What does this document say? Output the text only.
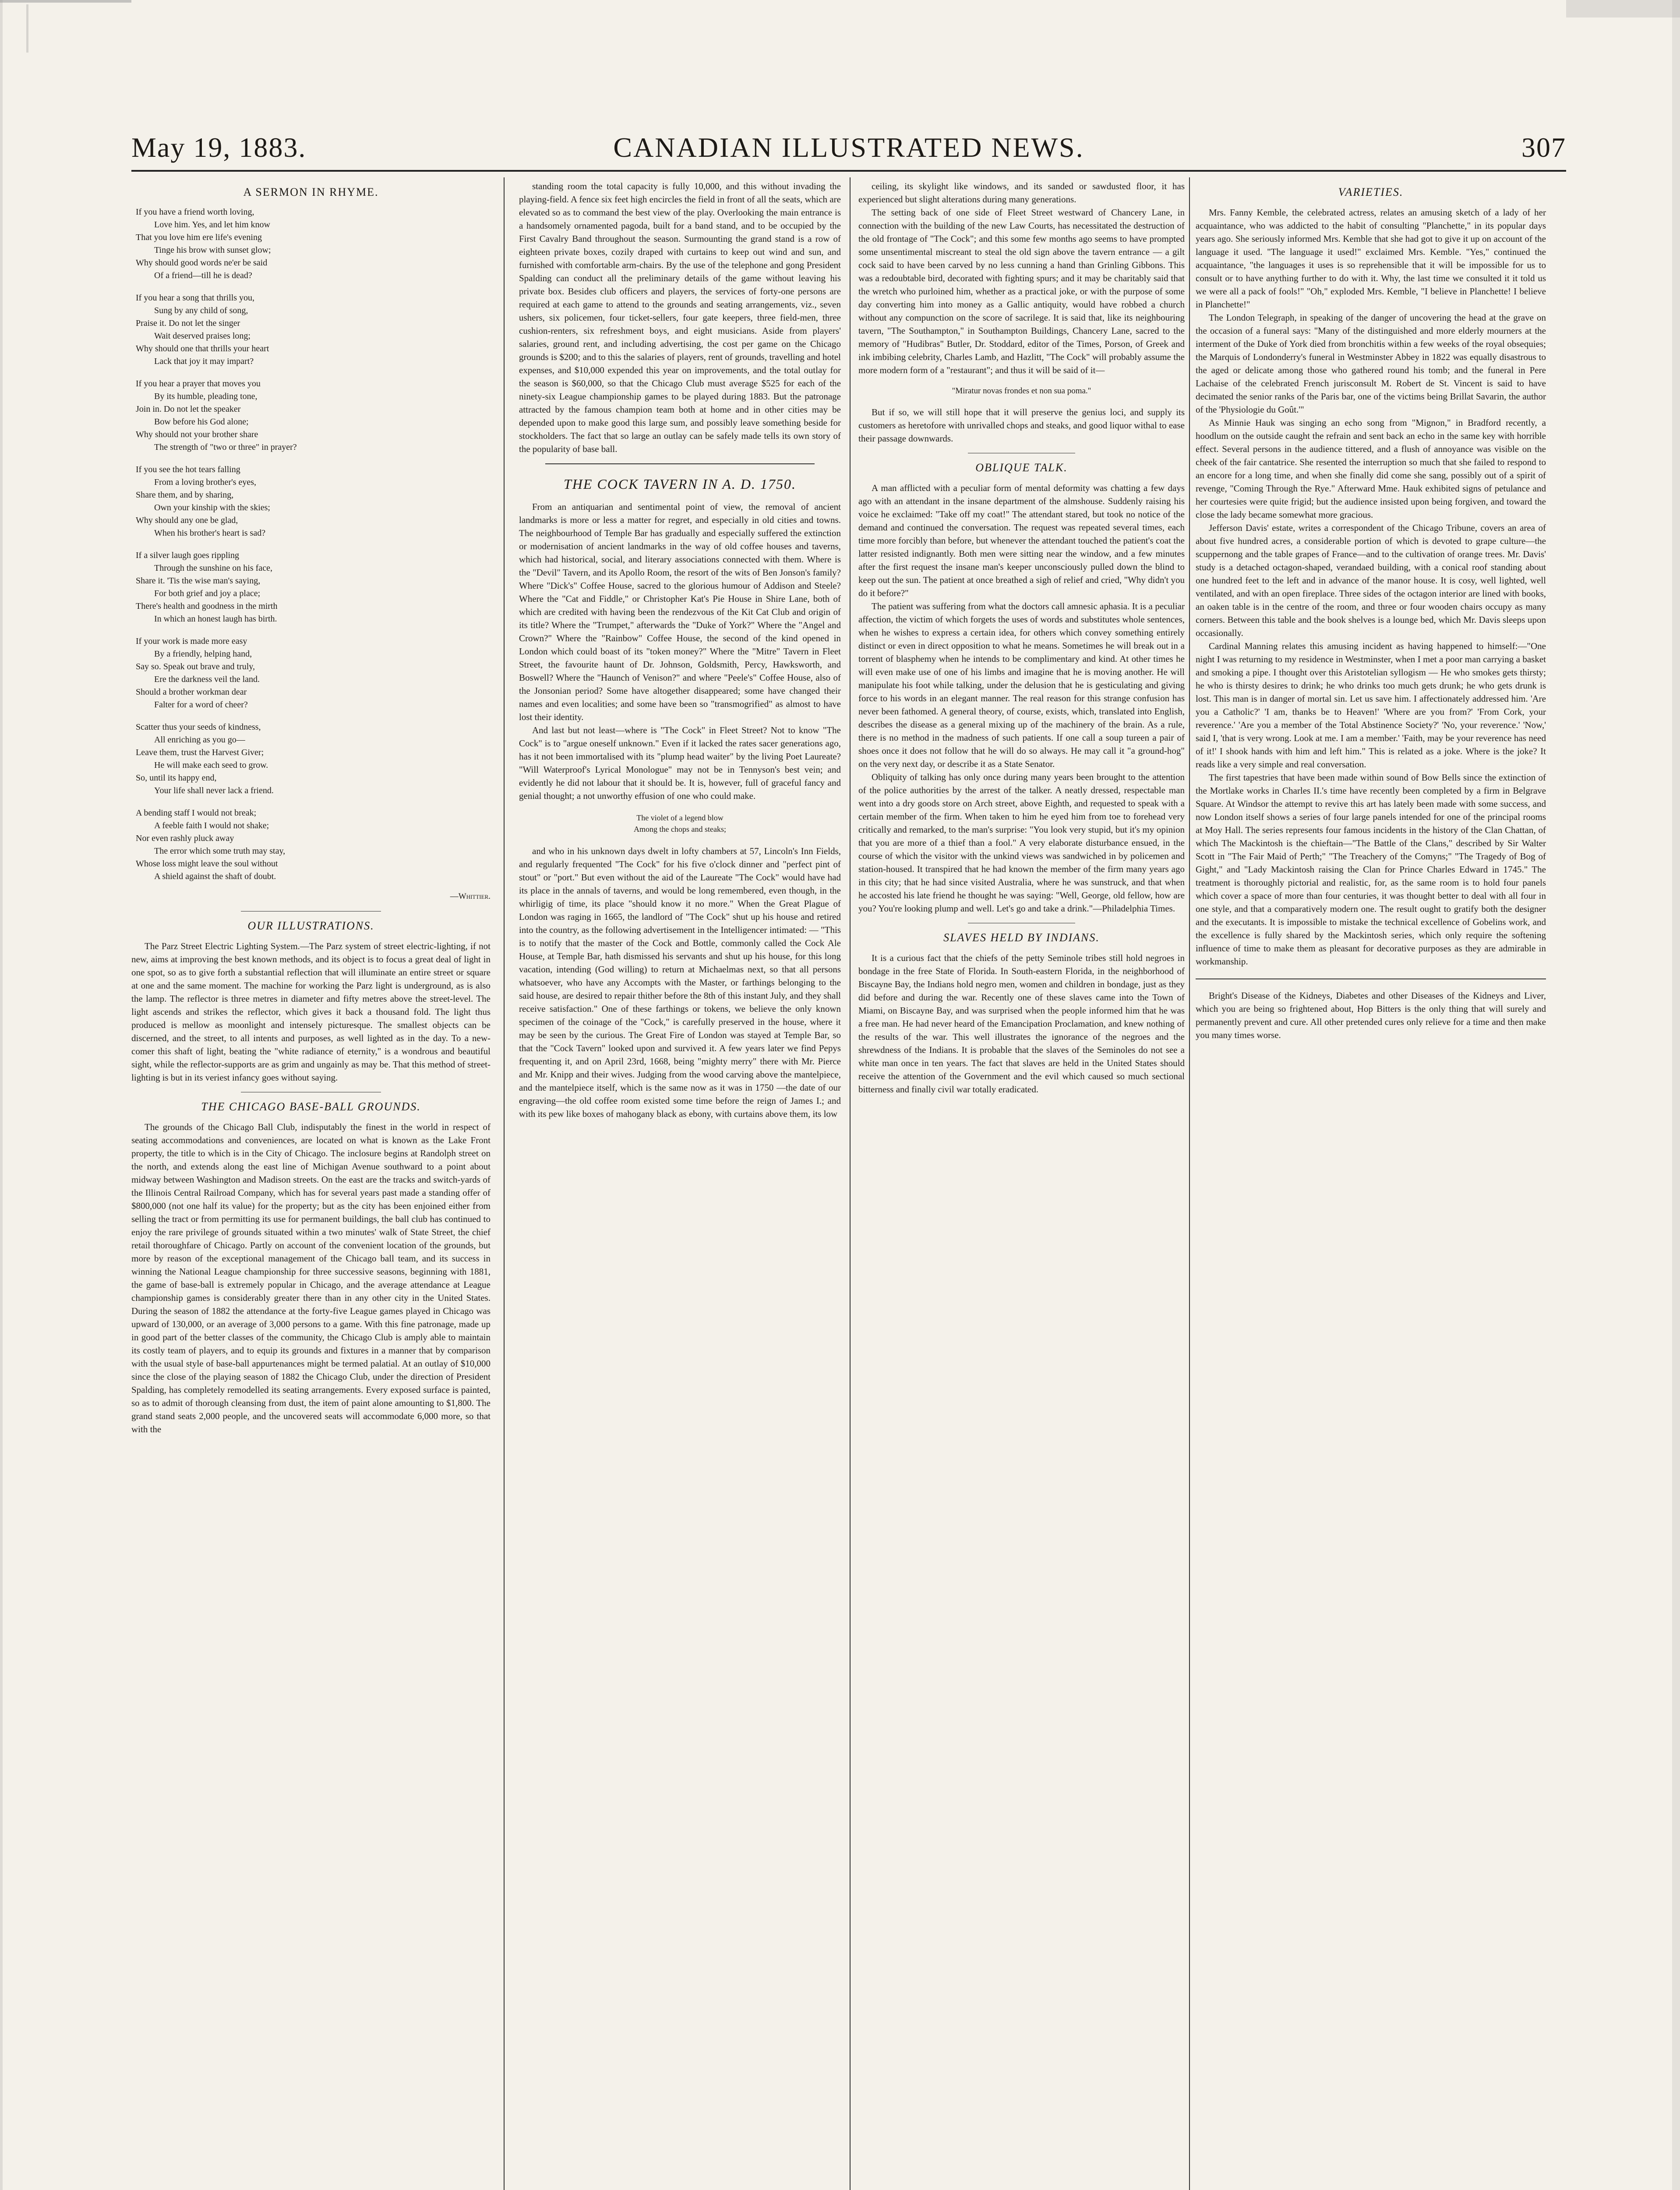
May 19, 1883.	CANADIAN ILLUSTRATED NEWS.	307
A SERMON IN RHYME.
If you have a friend worth loving,
Love him. Yes, and let him know
That you love him ere life's evening
Tinge his brow with sunset glow;
Why should good words ne'er be said
Of a friend—till he is dead?
If you hear a song that thrills you,
Sung by any child of song,
Praise it. Do not let the singer
Wait deserved praises long;
Why should one that thrills your heart
Lack that joy it may impart?
If you hear a prayer that moves you
By its humble, pleading tone,
Join in. Do not let the speaker
Bow before his God alone;
Why should not your brother share
The strength of "two or three" in prayer?
If you see the hot tears falling
From a loving brother's eyes,
Share them, and by sharing,
Own your kinship with the skies;
Why should any one be glad,
When his brother's heart is sad?
If a silver laugh goes rippling
Through the sunshine on his face,
Share it. 'Tis the wise man's saying,
For both grief and joy a place;
There's health and goodness in the mirth
In which an honest laugh has birth.
If your work is made more easy
By a friendly, helping hand,
Say so. Speak out brave and truly,
Ere the darkness veil the land.
Should a brother workman dear
Falter for a word of cheer?
Scatter thus your seeds of kindness,
All enriching as you go—
Leave them, trust the Harvest Giver;
He will make each seed to grow.
So, until its happy end,
Your life shall never lack a friend.
A bending staff I would not break;
A feeble faith I would not shake;
Nor even rashly pluck away
The error which some truth may stay,
Whose loss might leave the soul without
A shield against the shaft of doubt.
—Whittier.
OUR ILLUSTRATIONS.

The Parz Street Electric Lighting System.—The Parz system of street electric-lighting, if not new, aims at improving the best known methods, and its object is to focus a great deal of light in one spot, so as to give forth a substantial reflection that will illuminate an entire street or square at one and the same moment. The machine for working the Parz light is underground, as is also the lamp. The reflector is three metres in diameter and fifty metres above the street-level. The light ascends and strikes the reflector, which gives it back a thousand fold. The light thus produced is mellow as moonlight and intensely picturesque. The smallest objects can be discerned, and the street, to all intents and purposes, as well lighted as in the day. To a new-comer this shaft of light, beating the "white radiance of eternity," is a wondrous and beautiful sight, while the reflector-supports are as grim and ungainly as may be. That this method of street-lighting is but in its veriest infancy goes without saying.

THE CHICAGO BASE-BALL GROUNDS.

The grounds of the Chicago Ball Club, indisputably the finest in the world in respect of seating accommodations and conveniences, are located on what is known as the Lake Front property, the title to which is in the City of Chicago. The inclosure begins at Randolph street on the north, and extends along the east line of Michigan Avenue southward to a point about midway between Washington and Madison streets. On the east are the tracks and switch-yards of the Illinois Central Railroad Company, which has for several years past made a standing offer of $800,000 (not one half its value) for the property; but as the city has been enjoined either from selling the tract or from permitting its use for permanent buildings, the ball club has continued to enjoy the rare privilege of grounds situated within a two minutes' walk of State Street, the chief retail thoroughfare of Chicago. Partly on account of the convenient location of the grounds, but more by reason of the exceptional management of the Chicago ball team, and its success in winning the National League championship for three successive seasons, beginning with 1881, the game of base-ball is extremely popular in Chicago, and the average attendance at League championship games is considerably greater there than in any other city in the United States. During the season of 1882 the attendance at the forty-five League games played in Chicago was upward of 130,000, or an average of 3,000 persons to a game. With this fine patronage, made up in good part of the better classes of the community, the Chicago Club is amply able to maintain its costly team of players, and to equip its grounds and fixtures in a manner that by comparison with the usual style of base-ball appurtenances might be termed palatial. At an outlay of $10,000 since the close of the playing season of 1882 the Chicago Club, under the direction of President Spalding, has completely remodelled its seating arrangements. Every exposed surface is painted, so as to admit of thorough cleansing from dust, the item of paint alone amounting to $1,800. The grand stand seats 2,000 people, and the uncovered seats will accommodate 6,000 more, so that with the

standing room the total capacity is fully 10,000, and this without invading the playing-field. A fence six feet high encircles the field in front of all the seats, which are elevated so as to command the best view of the play. Overlooking the main entrance is a handsomely ornamented pagoda, built for a band stand, and to be occupied by the First Cavalry Band throughout the season. Surmounting the grand stand is a row of eighteen private boxes, cozily draped with curtains to keep out wind and sun, and furnished with comfortable arm-chairs. By the use of the telephone and gong President Spalding can conduct all the preliminary details of the game without leaving his private box. Besides club officers and players, the services of forty-one persons are required at each game to attend to the grounds and seating arrangements, viz., seven ushers, six policemen, four ticket-sellers, four gate keepers, three field-men, three cushion-renters, six refreshment boys, and eight musicians. Aside from players' salaries, ground rent, and including advertising, the cost per game on the Chicago grounds is $200; and to this the salaries of players, rent of grounds, travelling and hotel expenses, and $10,000 expended this year on improvements, and the total outlay for the season is $60,000, so that the Chicago Club must average $525 for each of the ninety-six League championship games to be played during 1883. But the patronage attracted by the famous champion team both at home and in other cities may be depended upon to make good this large sum, and possibly leave something beside for stockholders. The fact that so large an outlay can be safely made tells its own story of the popularity of base ball.

THE COCK TAVERN IN A. D. 1750.

From an antiquarian and sentimental point of view, the removal of ancient landmarks is more or less a matter for regret, and especially in old cities and towns. The neighbourhood of Temple Bar has gradually and especially suffered the extinction or modernisation of ancient landmarks in the way of old coffee houses and taverns, which had historical, social, and literary associations connected with them. Where is the "Devil" Tavern, and its Apollo Room, the resort of the wits of Ben Jonson's family? Where "Dick's" Coffee House, sacred to the glorious humour of Addison and Steele? Where the "Cat and Fiddle," or Christopher Kat's Pie House in Shire Lane, both of which are credited with having been the rendezvous of the Kit Cat Club and origin of its title? Where the "Trumpet," afterwards the "Duke of York?" Where the "Angel and Crown?" Where the "Rainbow" Coffee House, the second of the kind opened in London which could boast of its "token money?" Where the "Mitre" Tavern in Fleet Street, the favourite haunt of Dr. Johnson, Goldsmith, Percy, Hawksworth, and Boswell? Where the "Haunch of Venison?" and where "Peele's" Coffee House, also of the Jonsonian period? Some have altogether disappeared; some have changed their names and even localities; and some have been so "transmogrified" as almost to have lost their identity.

And last but not least—where is "The Cock" in Fleet Street? Not to know "The Cock" is to "argue oneself unknown." Even if it lacked the rates sacer generations ago, has it not been immortalised with its "plump head waiter" by the living Poet Laureate? "Will Waterproof's Lyrical Monologue" may not be in Tennyson's best vein; and evidently he did not labour that it should be. It is, however, full of graceful fancy and genial thought; a not unworthy effusion of one who could make.

The violet of a legend blow
Among the chops and steaks;

and who in his unknown days dwelt in lofty chambers at 57, Lincoln's Inn Fields, and regularly frequented "The Cock" for his five o'clock dinner and "perfect pint of stout" or "port." But even without the aid of the Laureate "The Cock" would have had its place in the annals of taverns, and would be long remembered, even though, in the whirligig of time, its place "should know it no more." When the Great Plague of London was raging in 1665, the landlord of "The Cock" shut up his house and retired into the country, as the following advertisement in the Intelligencer intimated: — "This is to notify that the master of the Cock and Bottle, commonly called the Cock Ale House, at Temple Bar, hath dismissed his servants and shut up his house, for this long vacation, intending (God willing) to return at Michaelmas next, so that all persons whatsoever, who have any Accompts with the Master, or farthings belonging to the said house, are desired to repair thither before the 8th of this instant July, and they shall receive satisfaction." One of these farthings or tokens, we believe the only known specimen of the coinage of the "Cock," is carefully preserved in the house, where it may be seen by the curious. The Great Fire of London was stayed at Temple Bar, so that the "Cock Tavern" looked upon and survived it. A few years later we find Pepys frequenting it, and on April 23rd, 1668, being "mighty merry" there with Mr. Pierce and Mr. Knipp and their wives. Judging from the wood carving above the mantelpiece, and the mantelpiece itself, which is the same now as it was in 1750 —the date of our engraving—the old coffee room existed some time before the reign of James I.; and with its pew like boxes of mahogany black as ebony, with curtains above them, its low

ceiling, its skylight like windows, and its sanded or sawdusted floor, it has experienced but slight alterations during many generations.

The setting back of one side of Fleet Street westward of Chancery Lane, in connection with the building of the new Law Courts, has necessitated the destruction of the old frontage of "The Cock"; and this some few months ago seems to have prompted some unsentimental miscreant to steal the old sign above the tavern entrance — a gilt cock said to have been carved by no less cunning a hand than Grinling Gibbons. This was a redoubtable bird, decorated with fighting spurs; and it may be charitably said that the wretch who purloined him, whether as a practical joke, or with the purpose of some day converting him into money as a Gallic antiquity, would have robbed a church without any compunction on the score of sacrilege. It is said that, like its neighbouring tavern, "The Southampton," in Southampton Buildings, Chancery Lane, sacred to the memory of "Hudibras" Butler, Dr. Stoddard, editor of the Times, Porson, of Greek and ink imbibing celebrity, Charles Lamb, and Hazlitt, "The Cock" will probably assume the more modern form of a "restaurant"; and thus it will be said of it—

"Miratur novas frondes et non sua poma."

But if so, we will still hope that it will preserve the genius loci, and supply its customers as heretofore with unrivalled chops and steaks, and good liquor withal to ease their passage downwards.

OBLIQUE TALK.

A man afflicted with a peculiar form of mental deformity was chatting a few days ago with an attendant in the insane department of the almshouse. Suddenly raising his voice he exclaimed: "Take off my coat!" The attendant stared, but took no notice of the demand and continued the conversation. The request was repeated several times, each time more forcibly than before, but whenever the attendant touched the patient's coat the latter resisted indignantly. Both men were sitting near the window, and a few minutes after the first request the insane man's keeper unconsciously pulled down the blind to keep out the sun. The patient at once breathed a sigh of relief and cried, "Why didn't you do it before?"

The patient was suffering from what the doctors call amnesic aphasia. It is a peculiar affection, the victim of which forgets the uses of words and substitutes whole sentences, when he wishes to express a certain idea, for others which convey something entirely distinct or even in direct opposition to what he means. Sometimes he will break out in a torrent of blasphemy when he intends to be complimentary and kind. At other times he will even make use of one of his limbs and imagine that he is moving another. He will manipulate his foot while talking, under the delusion that he is gesticulating and giving force to his words in an elegant manner. The real reason for this strange confusion has never been fathomed. A general theory, of course, exists, which, translated into English, describes the disease as a general mixing up of the machinery of the brain. As a rule, there is no method in the madness of such patients. If one call a soup tureen a pair of shoes once it does not follow that he will do so always. He may call it "a ground-hog" on the very next day, or describe it as a State Senator.

Obliquity of talking has only once during many years been brought to the attention of the police authorities by the arrest of the talker. A neatly dressed, respectable man went into a dry goods store on Arch street, above Eighth, and requested to speak with a certain member of the firm. When taken to him he eyed him from toe to forehead very critically and remarked, to the man's surprise: "You look very stupid, but it's my opinion that you are more of a thief than a fool." A very elaborate disturbance ensued, in the course of which the visitor with the unkind views was sandwiched in by policemen and station-housed. It transpired that he had known the member of the firm many years ago in this city; that he had since visited Australia, where he was sunstruck, and that when he accosted his late friend he thought he was saying: "Well, George, old fellow, how are you? You're looking plump and well. Let's go and take a drink."—Philadelphia Times.

SLAVES HELD BY INDIANS.

It is a curious fact that the chiefs of the petty Seminole tribes still hold negroes in bondage in the free State of Florida. In South-eastern Florida, in the neighborhood of Biscayne Bay, the Indians hold negro men, women and children in bondage, just as they did before and during the war. Recently one of these slaves came into the Town of Miami, on Biscayne Bay, and was surprised when the people informed him that he was a free man. He had never heard of the Emancipation Proclamation, and knew nothing of the results of the war. This well illustrates the ignorance of the negroes and the shrewdness of the Indians. It is probable that the slaves of the Seminoles do not see a white man once in ten years. The fact that slaves are held in the United States should receive the attention of the Government and the evil which caused so much sectional bitterness and finally civil war totally eradicated.

VARIETIES.

Mrs. Fanny Kemble, the celebrated actress, relates an amusing sketch of a lady of her acquaintance, who was addicted to the habit of consulting "Planchette," in its popular days years ago. She seriously informed Mrs. Kemble that she had got to give it up on account of the language it used. "The language it used!" exclaimed Mrs. Kemble. "Yes," continued the acquaintance, "the languages it uses is so reprehensible that it will be impossible for us to consult or to have anything further to do with it. Why, the last time we consulted it it told us we were all a pack of fools!" "Oh," exploded Mrs. Kemble, "I believe in Planchette! I believe in Planchette!"

The London Telegraph, in speaking of the danger of uncovering the head at the grave on the occasion of a funeral says: "Many of the distinguished and more elderly mourners at the interment of the Duke of York died from bronchitis within a few weeks of the royal obsequies; the Marquis of Londonderry's funeral in Westminster Abbey in 1822 was equally disastrous to the aged or delicate among those who gathered round his tomb; and the funeral in Pere Lachaise of the celebrated French jurisconsult M. Robert de St. Vincent is said to have decimated the senior ranks of the Paris bar, one of the victims being Brillat Savarin, the author of the 'Physiologie du Goût.'"

As Minnie Hauk was singing an echo song from "Mignon," in Bradford recently, a hoodlum on the outside caught the refrain and sent back an echo in the same key with horrible effect. Several persons in the audience tittered, and a flush of annoyance was visible on the cheek of the fair cantatrice. She resented the interruption so much that she failed to respond to an encore for a long time, and when she finally did come she sang, possibly out of a spirit of revenge, "Coming Through the Rye." Afterward Mme. Hauk exhibited signs of petulance and her courtesies were quite frigid; but the audience insisted upon being forgiven, and toward the close the lady became somewhat more gracious.

Jefferson Davis' estate, writes a correspondent of the Chicago Tribune, covers an area of about five hundred acres, a considerable portion of which is devoted to grape culture—the scuppernong and the table grapes of France—and to the cultivation of orange trees. Mr. Davis' study is a detached octagon-shaped, verandaed building, with a conical roof standing about one hundred feet to the left and in advance of the manor house. It is cosy, well lighted, well ventilated, and with an open fireplace. Three sides of the octagon interior are lined with books, an oaken table is in the centre of the room, and three or four wooden chairs occupy as many corners. Between this table and the book shelves is a lounge bed, which Mr. Davis sleeps upon occasionally.

Cardinal Manning relates this amusing incident as having happened to himself:—"One night I was returning to my residence in Westminster, when I met a poor man carrying a basket and smoking a pipe. I thought over this Aristotelian syllogism — He who smokes gets thirsty; he who is thirsty desires to drink; he who drinks too much gets drunk; he who gets drunk is lost. This man is in danger of mortal sin. Let us save him. I affectionately addressed him. 'Are you a Catholic?' 'I am, thanks be to Heaven!' 'Where are you from?' 'From Cork, your reverence.' 'Are you a member of the Total Abstinence Society?' 'No, your reverence.' 'Now,' said I, 'that is very wrong. Look at me. I am a member.' 'Faith, may be your reverence has need of it!' I shook hands with him and left him." This is related as a joke. Where is the joke? It reads like a very simple and real conversation.

The first tapestries that have been made within sound of Bow Bells since the extinction of the Mortlake works in Charles II.'s time have recently been completed by a firm in Belgrave Square. At Windsor the attempt to revive this art has lately been made with some success, and now London itself shows a series of four large panels intended for one of the principal rooms at Moy Hall. The series represents four famous incidents in the history of the Clan Chattan, of which The Mackintosh is the chieftain—"The Battle of the Clans," described by Sir Walter Scott in "The Fair Maid of Perth;" "The Treachery of the Comyns;" "The Tragedy of Bog of Gight," and "Lady Mackintosh raising the Clan for Prince Charles Edward in 1745." The treatment is thoroughly pictorial and realistic, for, as the same room is to hold four panels which cover a space of more than four centuries, it was thought better to deal with all four in one style, and that a comparatively modern one. The result ought to gratify both the designer and the executants. It is impossible to mistake the technical excellence of Gobelins work, and the excellence is fully shared by the Mackintosh series, which only require the softening influence of time to make them as pleasant for decorative purposes as they are admirable in workmanship.

Bright's Disease of the Kidneys, Diabetes and other Diseases of the Kidneys and Liver, which you are being so frightened about, Hop Bitters is the only thing that will surely and permanently prevent and cure. All other pretended cures only relieve for a time and then make you many times worse.
